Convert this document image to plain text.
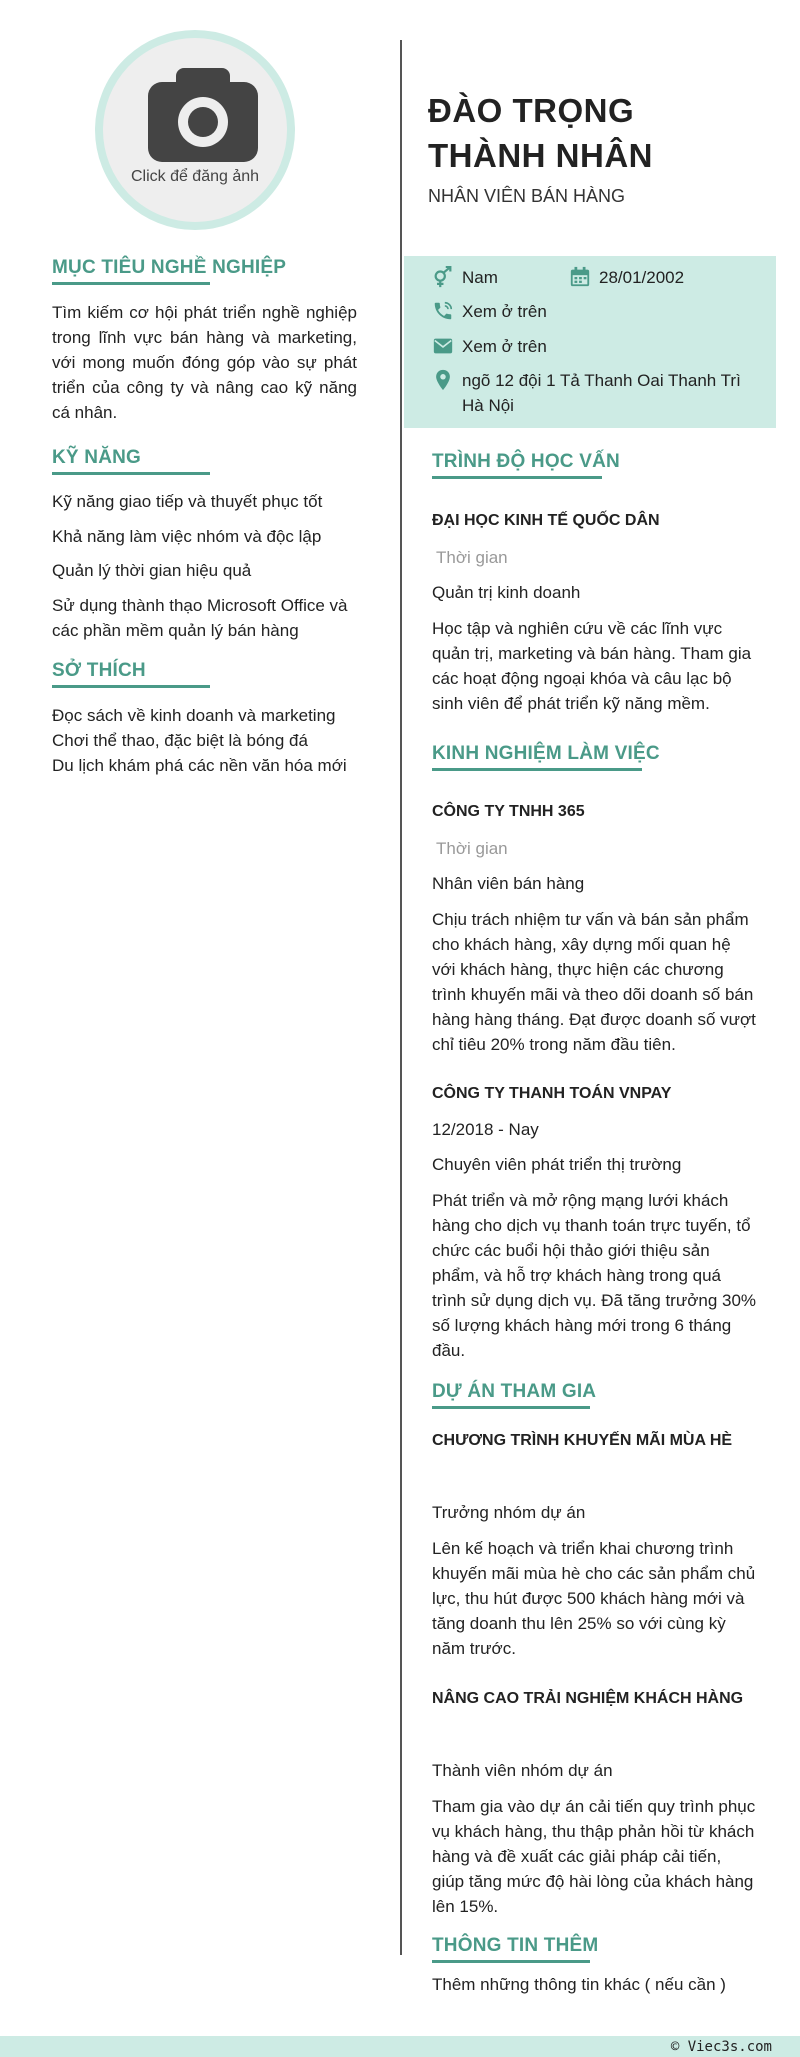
Click để đăng ảnh
MỤC TIÊU NGHỀ NGHIỆP
Tìm kiếm cơ hội phát triển nghề nghiệp trong lĩnh vực bán hàng và marketing, với mong muốn đóng góp vào sự phát triển của công ty và nâng cao kỹ năng cá nhân.
KỸ NĂNG
Kỹ năng giao tiếp và thuyết phục tốt
Khả năng làm việc nhóm và độc lập
Quản lý thời gian hiệu quả
Sử dụng thành thạo Microsoft Office và các phần mềm quản lý bán hàng
SỞ THÍCH
Đọc sách về kinh doanh và marketing
Chơi thể thao, đặc biệt là bóng đá
Du lịch khám phá các nền văn hóa mới
ĐÀO TRỌNG THÀNH NHÂN
NHÂN VIÊN BÁN HÀNG
Nam	28/01/2002
Xem ở trên
Xem ở trên
ngõ 12 đội 1 Tả Thanh Oai Thanh Trì Hà Nội
TRÌNH ĐỘ HỌC VẤN
ĐẠI HỌC KINH TẾ QUỐC DÂN
Thời gian
Quản trị kinh doanh
Học tập và nghiên cứu về các lĩnh vực quản trị, marketing và bán hàng. Tham gia các hoạt động ngoại khóa và câu lạc bộ sinh viên để phát triển kỹ năng mềm.
KINH NGHIỆM LÀM VIỆC
CÔNG TY TNHH 365
Thời gian
Nhân viên bán hàng
Chịu trách nhiệm tư vấn và bán sản phẩm cho khách hàng, xây dựng mối quan hệ với khách hàng, thực hiện các chương trình khuyến mãi và theo dõi doanh số bán hàng hàng tháng. Đạt được doanh số vượt chỉ tiêu 20% trong năm đầu tiên.
CÔNG TY THANH TOÁN VNPAY
12/2018 - Nay
Chuyên viên phát triển thị trường
Phát triển và mở rộng mạng lưới khách hàng cho dịch vụ thanh toán trực tuyến, tổ chức các buổi hội thảo giới thiệu sản phẩm, và hỗ trợ khách hàng trong quá trình sử dụng dịch vụ. Đã tăng trưởng 30% số lượng khách hàng mới trong 6 tháng đầu.
DỰ ÁN THAM GIA
CHƯƠNG TRÌNH KHUYẾN MÃI MÙA HÈ
Trưởng nhóm dự án
Lên kế hoạch và triển khai chương trình khuyến mãi mùa hè cho các sản phẩm chủ lực, thu hút được 500 khách hàng mới và tăng doanh thu lên 25% so với cùng kỳ năm trước.
NÂNG CAO TRẢI NGHIỆM KHÁCH HÀNG
Thành viên nhóm dự án
Tham gia vào dự án cải tiến quy trình phục vụ khách hàng, thu thập phản hồi từ khách hàng và đề xuất các giải pháp cải tiến, giúp tăng mức độ hài lòng của khách hàng lên 15%.
THÔNG TIN THÊM
Thêm những thông tin khác ( nếu cần )
© Viec3s.com
